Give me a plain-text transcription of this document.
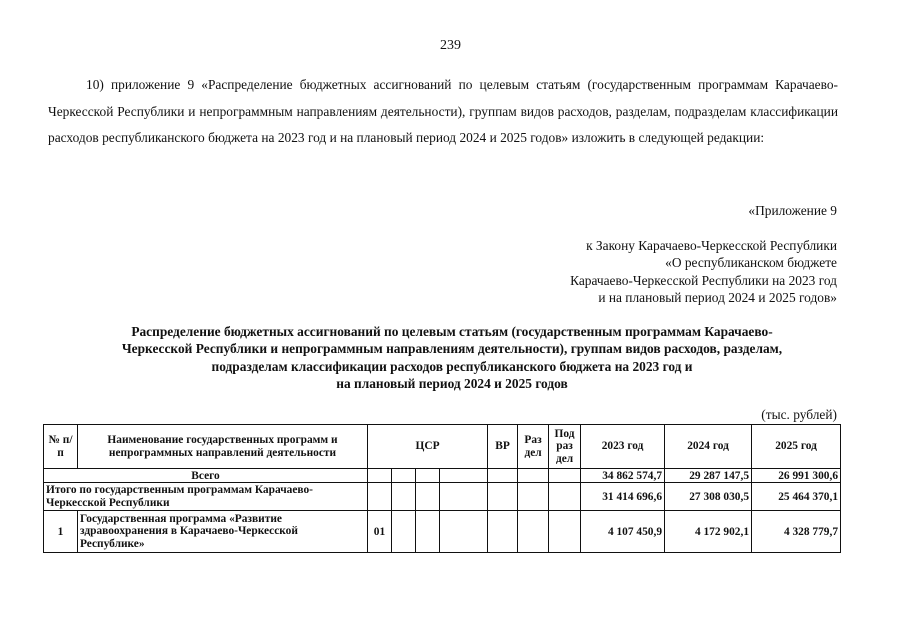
239
10) приложение 9 «Распределение бюджетных ассигнований по целевым статьям (государственным программам Карачаево-Черкесской Республики и непрограммным направлениям деятельности), группам видов расходов, разделам, подразделам классификации расходов республиканского бюджета на 2023 год и на плановый период 2024 и 2025 годов» изложить в следующей редакции:
«Приложение 9
к Закону Карачаево-Черкесской Республики
«О республиканском бюджете
Карачаево-Черкесской Республики на 2023 год
и на плановый период 2024 и 2025 годов»
Распределение бюджетных ассигнований по целевым статьям (государственным программам Карачаево-
Черкесской Республики и непрограммным направлениям деятельности), группам видов расходов, разделам,
подразделам классификации расходов республиканского бюджета на 2023 год и
на плановый период 2024 и 2025 годов
(тыс. рублей)
№ п/п	Наименование государственных программ и непрограммных направлений деятельности	ЦСР				ВР	Раз дел	Под раз дел	2023 год	2024 год	2025 год
Всего									34 862 574,7	29 287 147,5	26 991 300,6
Итого по государственным программам Карачаево-Черкесской Республики									31 414 696,6	27 308 030,5	25 464 370,1
1	Государственная программа «Развитие здравоохранения в Карачаево-Черкесской Республике»	01							4 107 450,9	4 172 902,1	4 328 779,7
